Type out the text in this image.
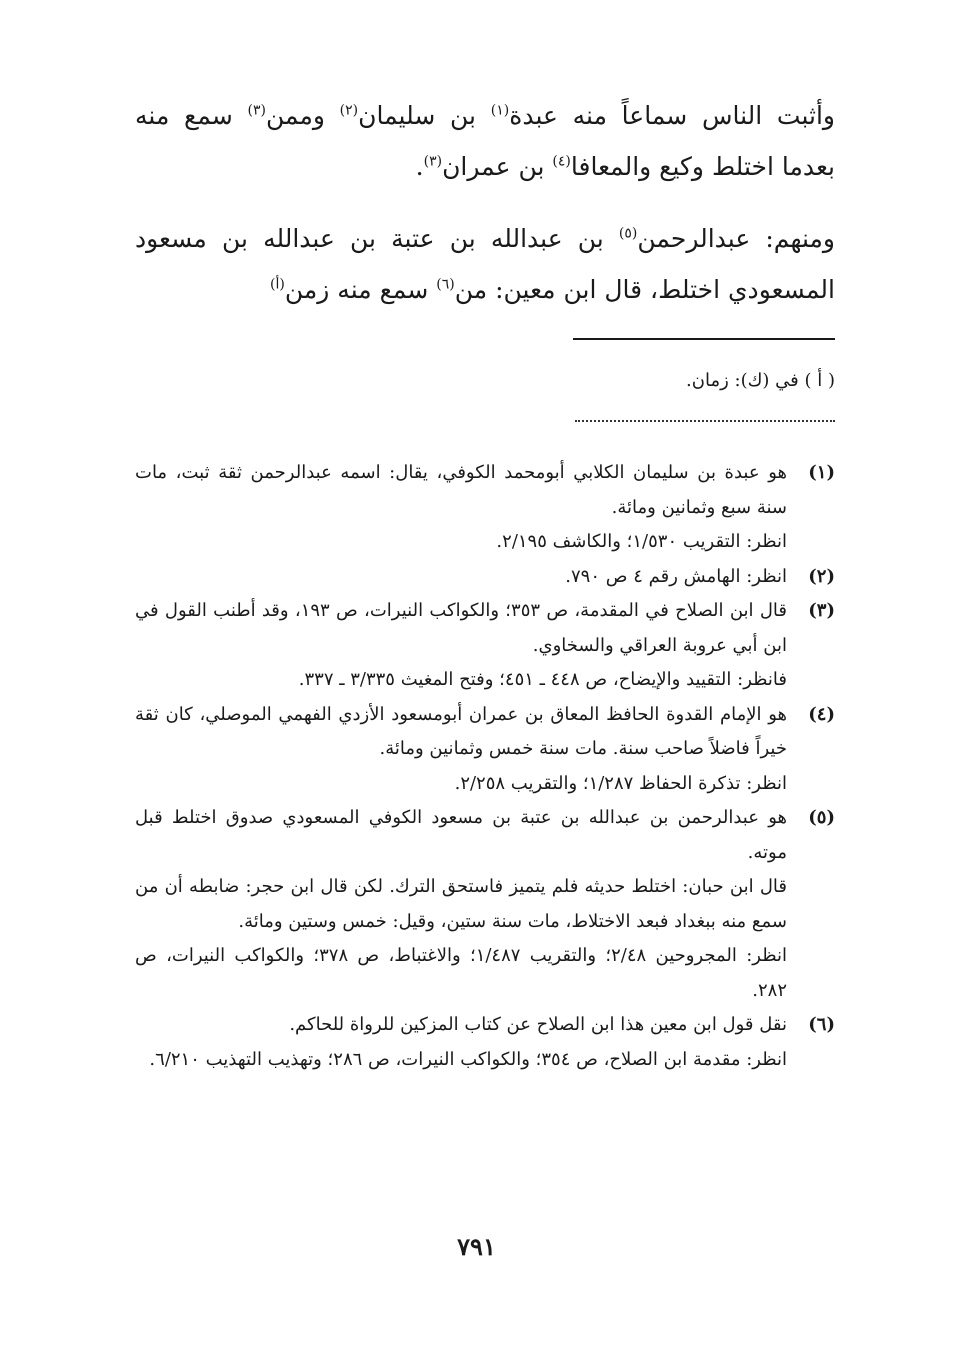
وأثبت الناس سماعاً منه عبدة$^{(١)}$ بن سليمان$^{(٢)}$ وممن$^{(٣)}$ سمع منه بعدما اختلط وكيع والمعافا$^{(٤)}$ بن عمران$^{(٣)}$.
ومنهم: عبدالرحمن$^{(٥)}$ بن عبدالله بن عتبة بن عبدالله بن مسعود المسعودي اختلط، قال ابن معين: من$^{(٦)}$ سمع منه زمن$^{(أ)}$
( أ ) في (ك): زمان.
(١)

هو عبدة بن سليمان الكلابي أبومحمد الكوفي، يقال: اسمه عبدالرحمن ثقة ثبت، مات سنة سبع وثمانين ومائة.

انظر: التقريب ١/٥٣٠؛ والكاشف ٢/١٩٥.

(٢)

انظر: الهامش رقم ٤ ص ٧٩٠.

(٣)

قال ابن الصلاح في المقدمة، ص ٣٥٣؛ والكواكب النيرات، ص ١٩٣، وقد أطنب القول في ابن أبي عروبة العراقي والسخاوي.

فانظر: التقييد والإيضاح، ص ٤٤٨ ـ ٤٥١؛ وفتح المغيث ٣/٣٣٥ ـ ٣٣٧.

(٤)

هو الإمام القدوة الحافظ المعاق بن عمران أبومسعود الأزدي الفهمي الموصلي، كان ثقة خيراً فاضلاً صاحب سنة. مات سنة خمس وثمانين ومائة.

انظر: تذكرة الحفاظ ١/٢٨٧؛ والتقريب ٢/٢٥٨.

(٥)

هو عبدالرحمن بن عبدالله بن عتبة بن مسعود الكوفي المسعودي صدوق اختلط قبل موته.

قال ابن حبان: اختلط حديثه فلم يتميز فاستحق الترك. لكن قال ابن حجر: ضابطه أن من سمع منه ببغداد فبعد الاختلاط، مات سنة ستين، وقيل: خمس وستين ومائة.

انظر: المجروحين ٢/٤٨؛ والتقريب ١/٤٨٧؛ والاغتباط، ص ٣٧٨؛ والكواكب النيرات، ص ٢٨٢.

(٦)

نقل قول ابن معين هذا ابن الصلاح عن كتاب المزكين للرواة للحاكم.

انظر: مقدمة ابن الصلاح، ص ٣٥٤؛ والكواكب النيرات، ص ٢٨٦؛ وتهذيب التهذيب ٦/٢١٠.

٧٩١
